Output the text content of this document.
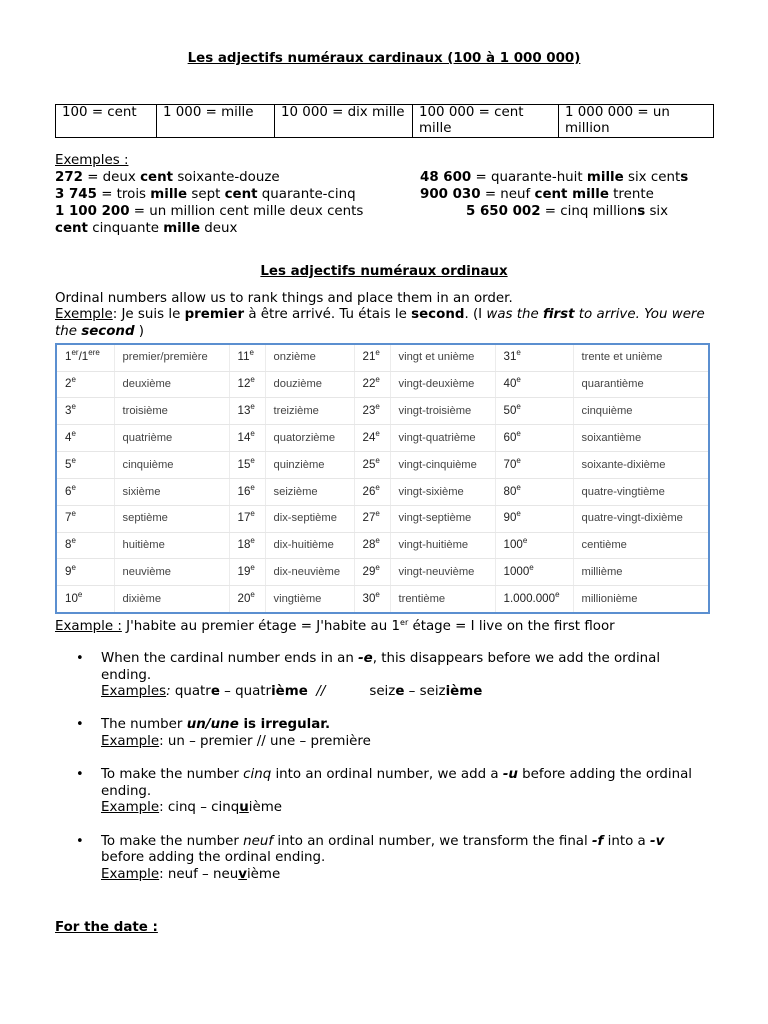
Les adjectifs numéraux cardinaux (100 à 1 000 000)
100 = cent	1 000 = mille	10 000 = dix mille	100 000 = cent mille	1 000 000 = un million
Exemples :
272 = deux cent soixante-douze	48 600 = quarante-huit mille six cents
3 745 = trois mille sept cent quarante-cinq	900 030 = neuf cent mille trente
1 100 200 = un million cent mille deux cents	5 650 002 = cinq millions six
cent cinquante mille deux
Les adjectifs numéraux ordinaux
Ordinal numbers allow us to rank things and place them in an order.
Exemple: Je suis le premier à être arrivé. Tu étais le second. (I was the first to arrive. You were the second )
1er/1ere	premier/première	11e	onzième	21e	vingt et unième	31e	trente et unième
2e	deuxième	12e	douzième	22e	vingt-deuxième	40e	quarantième
3e	troisième	13e	treizième	23e	vingt-troisième	50e	cinquième
4e	quatrième	14e	quatorzième	24e	vingt-quatrième	60e	soixantième
5e	cinquième	15e	quinzième	25e	vingt-cinquième	70e	soixante-dixième
6e	sixième	16e	seizième	26e	vingt-sixième	80e	quatre-vingtième
7e	septième	17e	dix-septième	27e	vingt-septième	90e	quatre-vingt-dixième
8e	huitième	18e	dix-huitième	28e	vingt-huitième	100e	centième
9e	neuvième	19e	dix-neuvième	29e	vingt-neuvième	1000e	millième
10e	dixième	20e	vingtième	30e	trentième	1.000.000e	millionième
Example : J'habite au premier étage = J'habite au 1er étage = I live on the first floor
• When the cardinal number ends in an -e, this disappears before we add the ordinal ending.
Examples: quatre – quatrième  //	seize – seizième
• The number un/une is irregular.
Example: un – premier // une – première
• To make the number cinq into an ordinal number, we add a -u before adding the ordinal ending.
Example: cinq – cinquième
• To make the number neuf into an ordinal number, we transform the final -f into a -v before adding the ordinal ending.
Example: neuf – neuvième
For the date :
